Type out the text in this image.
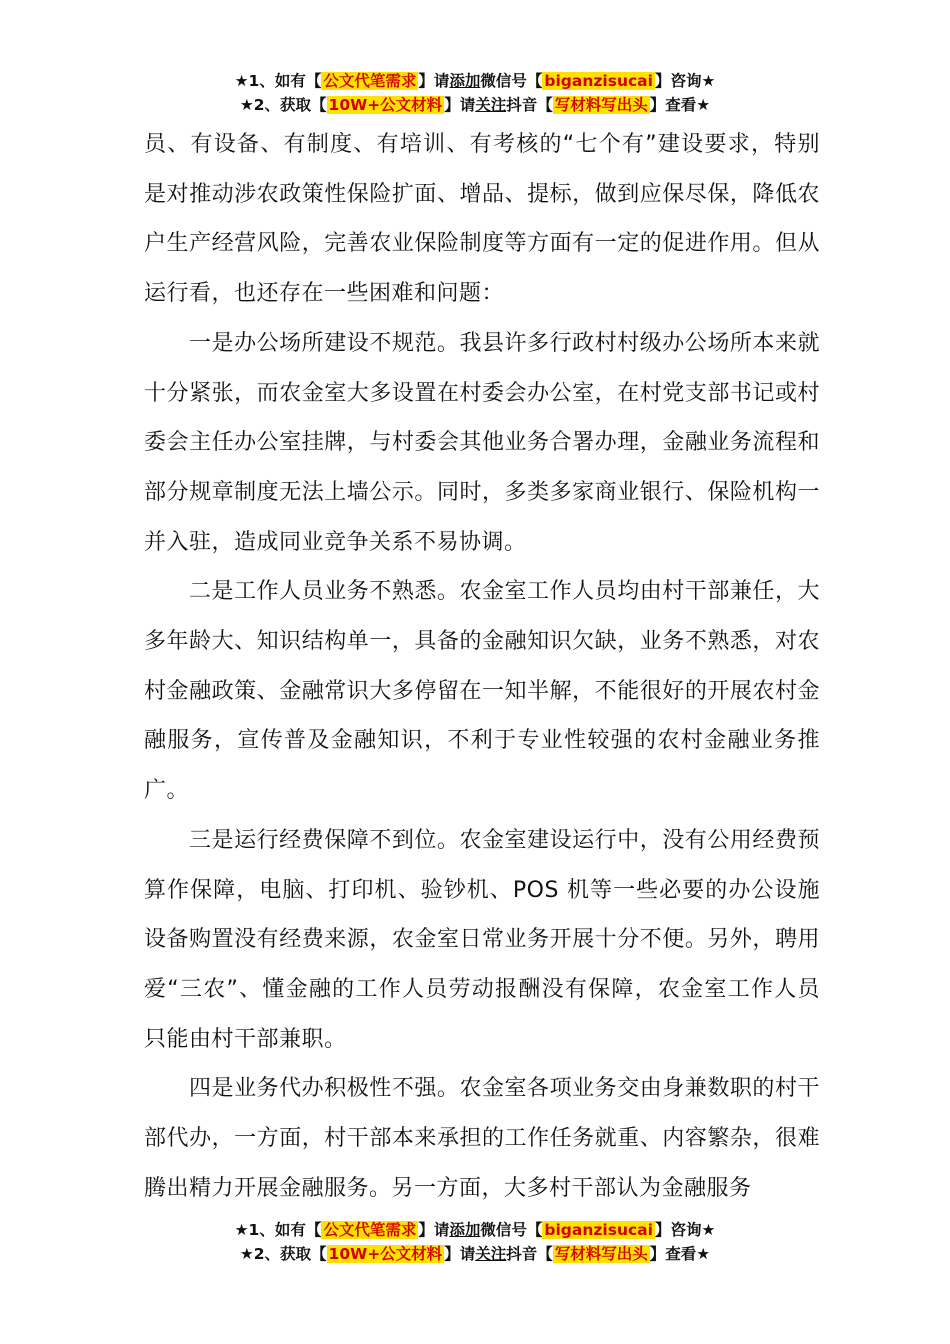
★1、如有【 公文代笔需求 】请添加微信号【 biganzisucai 】咨询★
★2、获取【 10W+公文材料 】请关注抖音【 写材料写出头 】查看★

员、有设备、有制度、有培训、有考核的“七个有”建设要求，特别是对推动涉农政策性保险扩面、增品、提标，做到应保尽保，降低农户生产经营风险，完善农业保险制度等方面有一定的促进作用。但从运行看，也还存在一些困难和问题：

一是办公场所建设不规范。我县许多行政村村级办公场所本来就十分紧张，而农金室大多设置在村委会办公室，在村党支部书记或村委会主任办公室挂牌，与村委会其他业务合署办理，金融业务流程和部分规章制度无法上墙公示。同时，多类多家商业银行、保险机构一并入驻，造成同业竞争关系不易协调。

二是工作人员业务不熟悉。农金室工作人员均由村干部兼任，大多年龄大、知识结构单一，具备的金融知识欠缺，业务不熟悉，对农村金融政策、金融常识大多停留在一知半解，不能很好的开展农村金融服务，宣传普及金融知识，不利于专业性较强的农村金融业务推广。

三是运行经费保障不到位。农金室建设运行中，没有公用经费预算作保障，电脑、打印机、验钞机、POS 机等一些必要的办公设施设备购置没有经费来源，农金室日常业务开展十分不便。另外，聘用爱“三农”、懂金融的工作人员劳动报酬没有保障，农金室工作人员只能由村干部兼职。

四是业务代办积极性不强。农金室各项业务交由身兼数职的村干部代办，一方面，村干部本来承担的工作任务就重、内容繁杂，很难腾出精力开展金融服务。另一方面，大多村干部认为金融服务

★1、如有【 公文代笔需求 】请添加微信号【 biganzisucai 】咨询★
★2、获取【 10W+公文材料 】请关注抖音【 写材料写出头 】查看★
